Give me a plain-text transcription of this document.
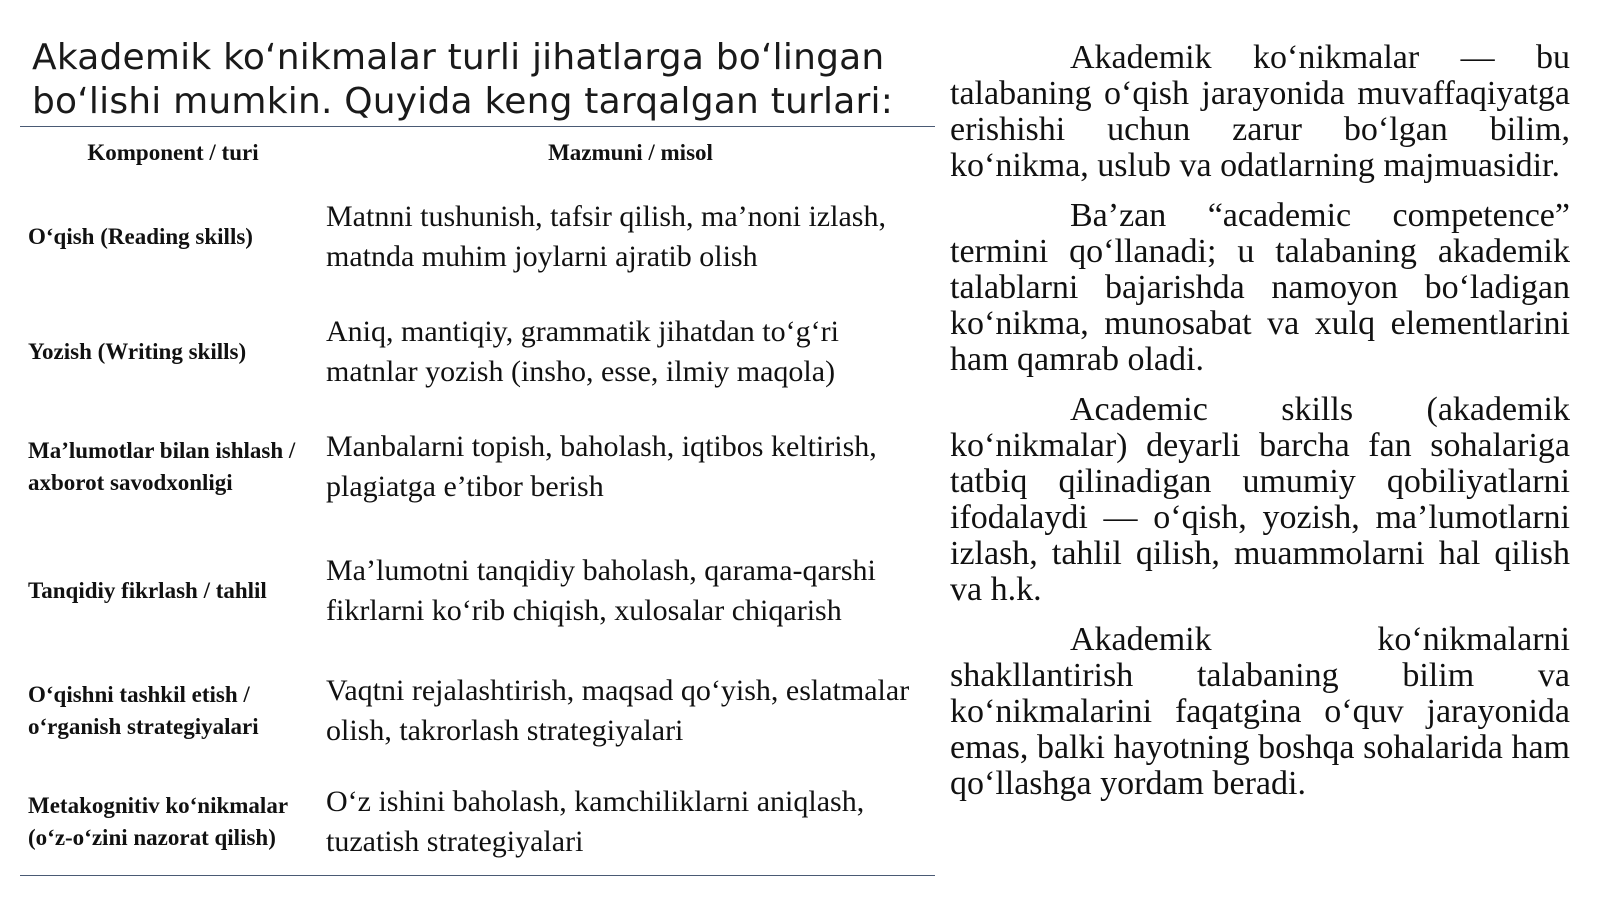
Akademik ko‘nikmalar turli jihatlarga bo‘lingan bo‘lishi mumkin. Quyida keng tarqalgan turlari:
Komponent / turi	Mazmuni / misol
O‘qish (Reading skills)	Matnni tushunish, tafsir qilish, ma’noni izlash, matnda muhim joylarni ajratib olish
Yozish (Writing skills)	Aniq, mantiqiy, grammatik jihatdan to‘g‘ri matnlar yozish (insho, esse, ilmiy maqola)
Ma’lumotlar bilan ishlash / axborot savodxonligi	Manbalarni topish, baholash, iqtibos keltirish, plagiatga e’tibor berish
Tanqidiy fikrlash / tahlil	Ma’lumotni tanqidiy baholash, qarama-qarshi fikrlarni ko‘rib chiqish, xulosalar chiqarish
O‘qishni tashkil etish / o‘rganish strategiyalari	Vaqtni rejalashtirish, maqsad qo‘yish, eslatmalar olish, takrorlash strategiyalari
Metakognitiv ko‘nikmalar (o‘z-o‘zini nazorat qilish)	O‘z ishini baholash, kamchiliklarni aniqlash, tuzatish strategiyalari

Akademik ko‘nikmalar — bu talabaning o‘qish jarayonida muvaffaqiyatga erishishi uchun zarur bo‘lgan bilim, ko‘nikma, uslub va odatlarning majmuasidir.

Ba’zan “academic competence” termini qo‘llanadi; u talabaning akademik talablarni bajarishda namoyon bo‘ladigan ko‘nikma, munosabat va xulq elementlarini ham qamrab oladi.

Academic skills (akademik ko‘nikmalar) deyarli barcha fan sohalariga tatbiq qilinadigan umumiy qobiliyatlarni ifodalaydi — o‘qish, yozish, ma’lumotlarni izlash, tahlil qilish, muammolarni hal qilish va h.k.

Akademik ko‘nikmalarni shakllantirish talabaning bilim va ko‘nikmalarini faqatgina o‘quv jarayonida emas, balki hayotning boshqa sohalarida ham qo‘llashga yordam beradi.
